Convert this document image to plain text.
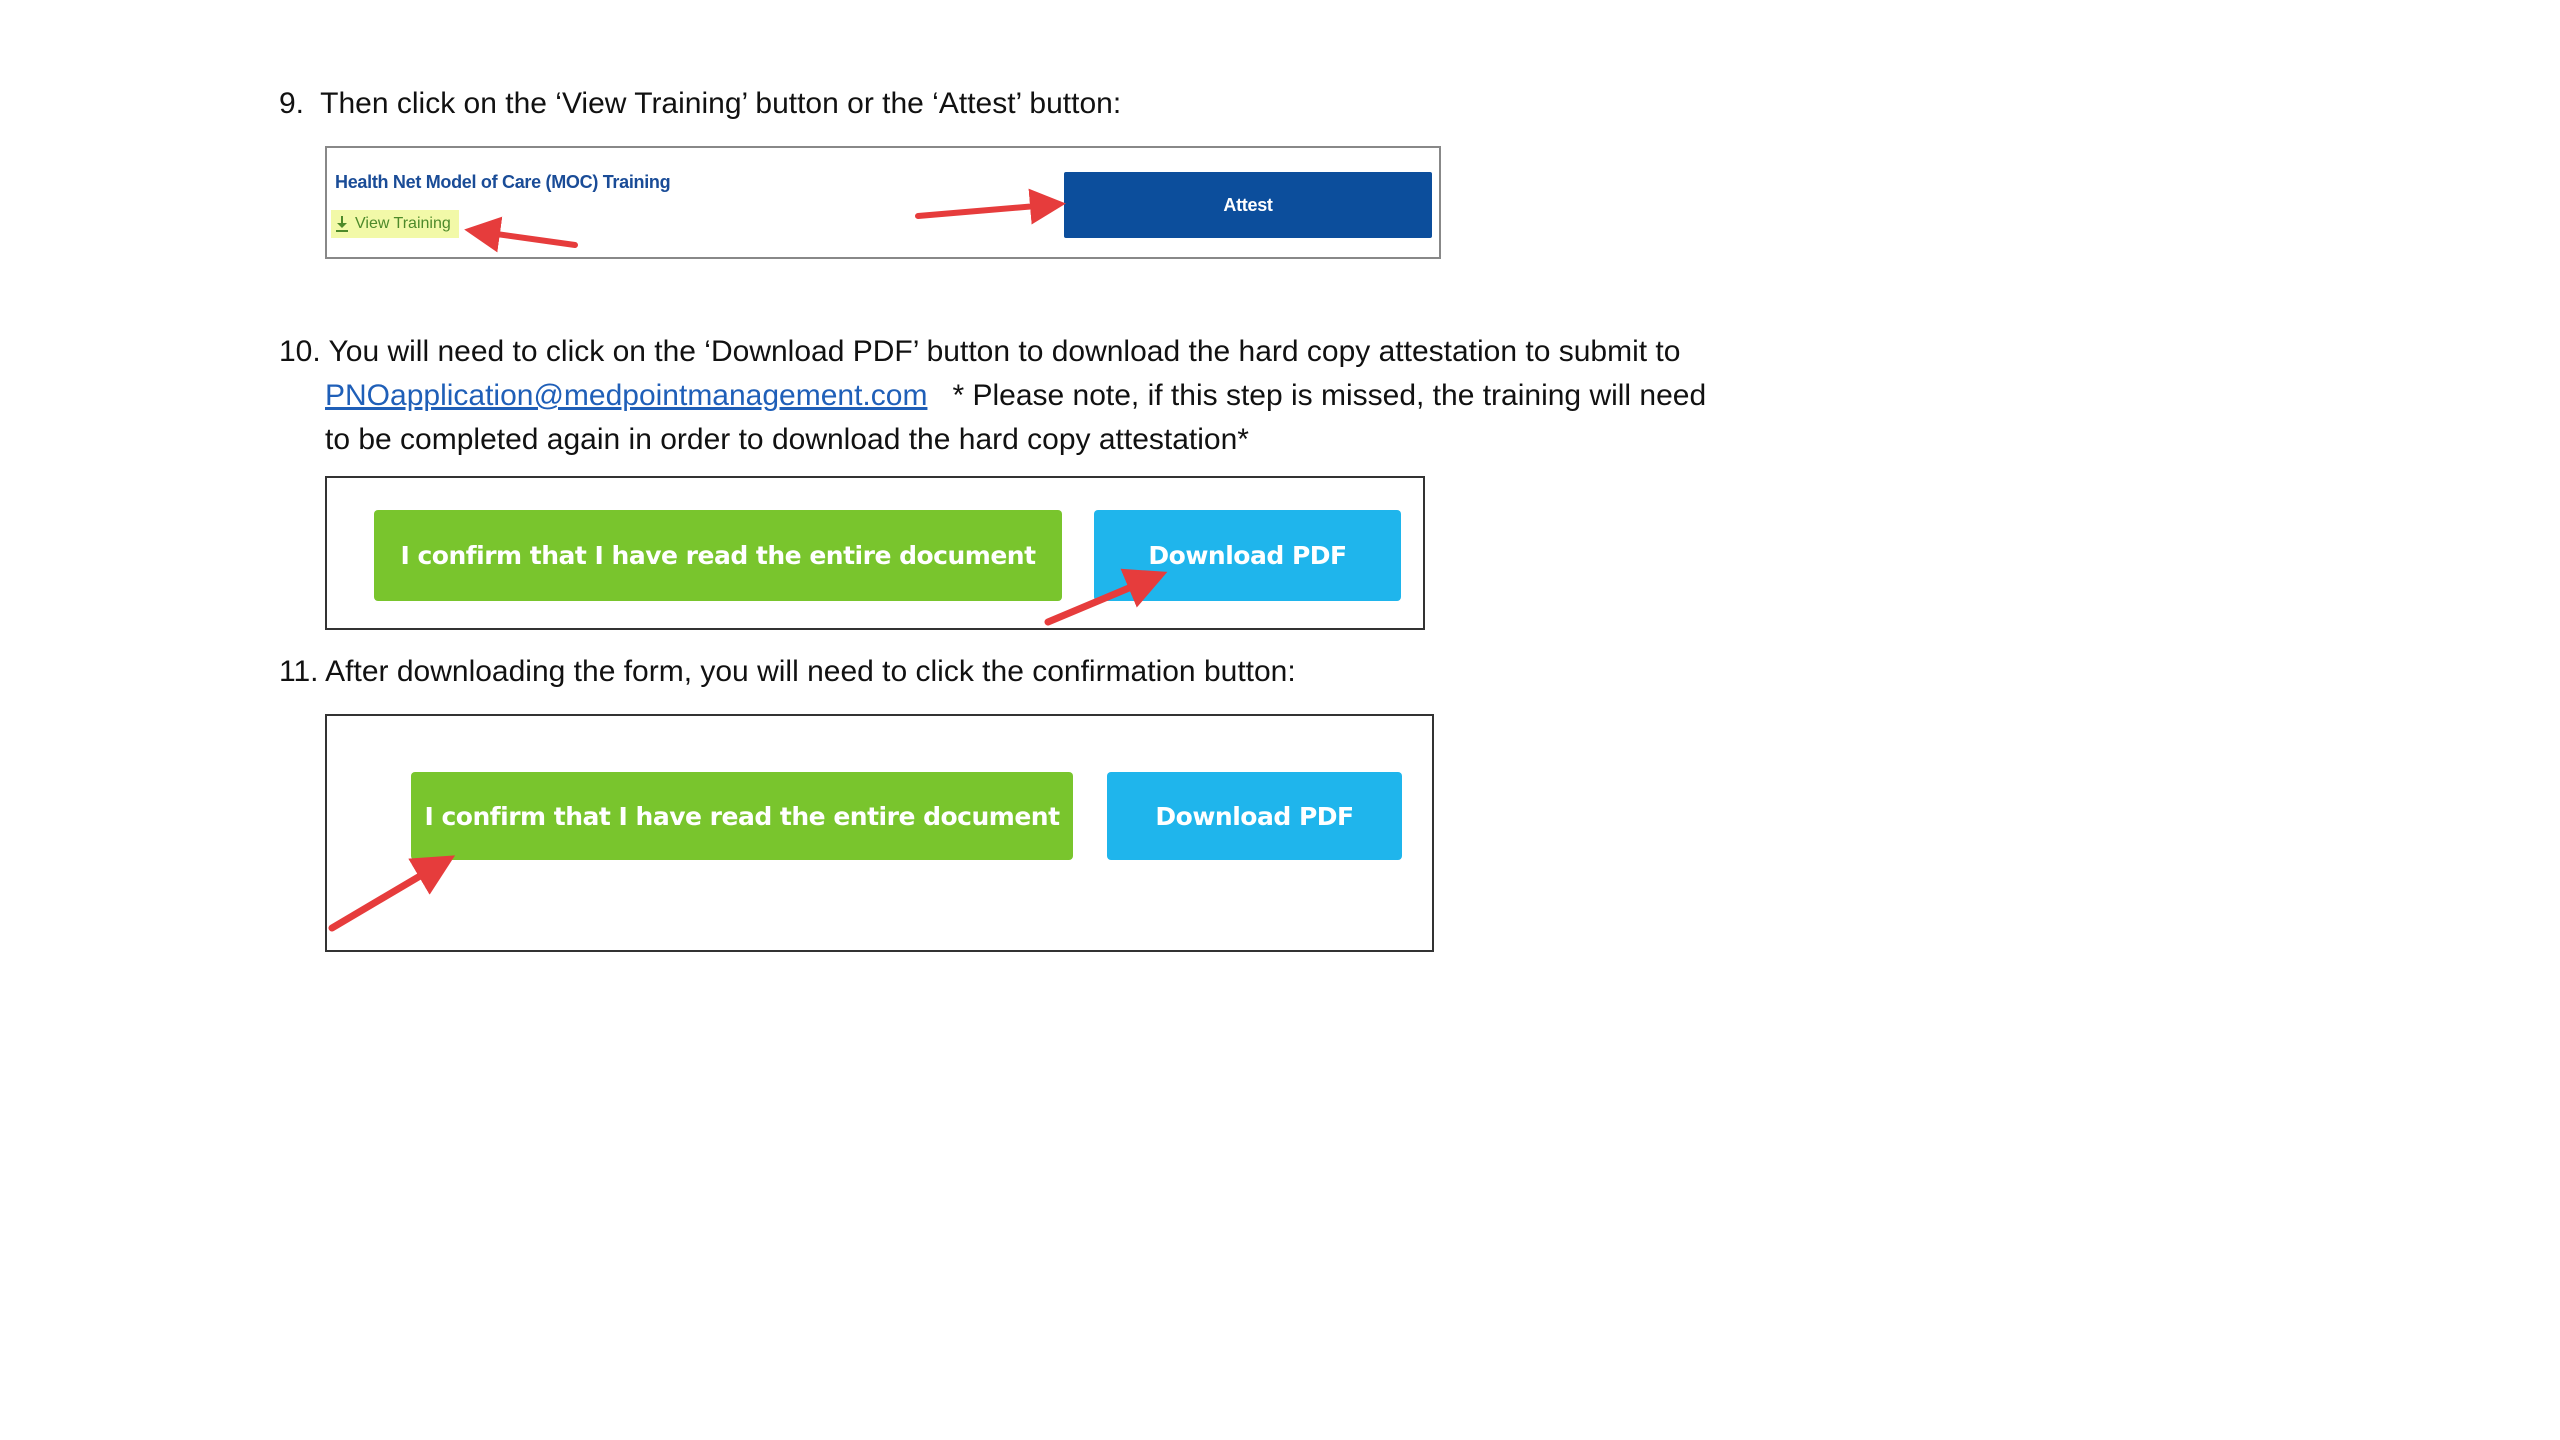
9. Then click on the ‘View Training’ button or the ‘Attest’ button:
Health Net Model of Care (MOC) Training
View Training
Attest
10. You will need to click on the ‘Download PDF’ button to download the hard copy attestation to submit to
PNOapplication@medpointmanagement.com * Please note, if this step is missed, the training will need
to be completed again in order to download the hard copy attestation*
I confirm that I have read the entire document	Download PDF
11. After downloading the form, you will need to click the confirmation button:
I confirm that I have read the entire document	Download PDF
